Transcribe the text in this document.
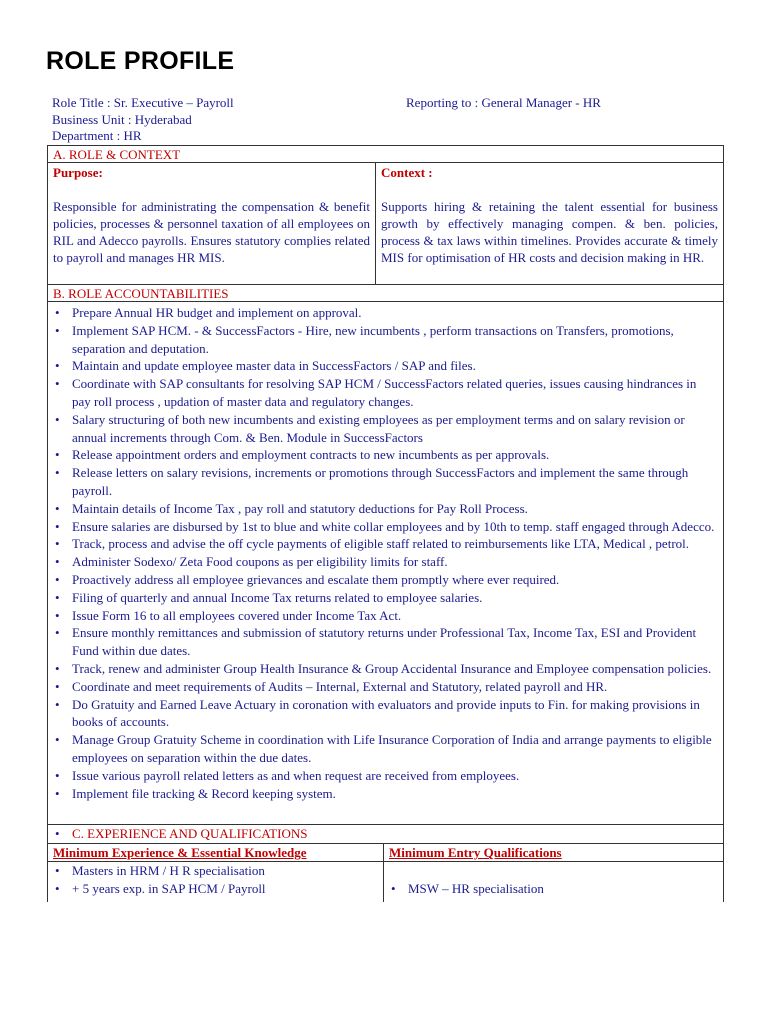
ROLE PROFILE
Role Title : Sr. Executive – Payroll
Business Unit : Hyderabad
Department : HR
Reporting to : General Manager - HR
A. ROLE & CONTEXT
Purpose:
Responsible for administrating the compensation & benefit policies, processes & personnel taxation of all employees on RIL and Adecco payrolls. Ensures statutory complies related to payroll and manages HR MIS.
Context :
Supports hiring & retaining the talent essential for business growth by effectively managing compen. & ben. policies, process & tax laws within timelines. Provides accurate & timely MIS for optimisation of HR costs and decision making in HR.
B. ROLE ACCOUNTABILITIES
• Prepare Annual HR budget and implement on approval.
• Implement SAP HCM. - & SuccessFactors - Hire, new incumbents , perform transactions on Transfers, promotions, separation and deputation.
• Maintain and update employee master data in SuccessFactors / SAP and files.
• Coordinate with SAP consultants for resolving SAP HCM / SuccessFactors related queries, issues causing hindrances in pay roll process , updation of master data and regulatory changes.
• Salary structuring of both new incumbents and existing employees as per employment terms and on salary revision or annual increments through Com. & Ben. Module in SuccessFactors
• Release appointment orders and employment contracts to new incumbents as per approvals.
• Release letters on salary revisions, increments or promotions through SuccessFactors and implement the same through payroll.
• Maintain details of Income Tax , pay roll and statutory deductions for Pay Roll Process.
• Ensure salaries are disbursed by 1st to blue and white collar employees and by 10th to temp. staff engaged through Adecco.
• Track, process and advise the off cycle payments of eligible staff related to reimbursements like LTA, Medical , petrol.
• Administer Sodexo/ Zeta Food coupons as per eligibility limits for staff.
• Proactively address all employee grievances and escalate them promptly where ever required.
• Filing of quarterly and annual Income Tax returns related to employee salaries.
• Issue Form 16 to all employees covered under Income Tax Act.
• Ensure monthly remittances and submission of statutory returns under Professional Tax, Income Tax, ESI and Provident Fund within due dates.
• Track, renew and administer Group Health Insurance & Group Accidental Insurance and Employee compensation policies.
• Coordinate and meet requirements of Audits – Internal, External and Statutory, related payroll and HR.
• Do Gratuity and Earned Leave Actuary in coronation with evaluators and provide inputs to Fin. for making provisions in books of accounts.
• Manage Group Gratuity Scheme in coordination with Life Insurance Corporation of India and arrange payments to eligible employees on separation within the due dates.
• Issue various payroll related letters as and when request are received from employees.
• Implement file tracking & Record keeping system.
• C. EXPERIENCE AND QUALIFICATIONS
Minimum Experience & Essential Knowledge	Minimum Entry Qualifications
• Masters in HRM / H R specialisation
• + 5 years exp. in SAP HCM / Payroll
•	MSW – HR specialisation
